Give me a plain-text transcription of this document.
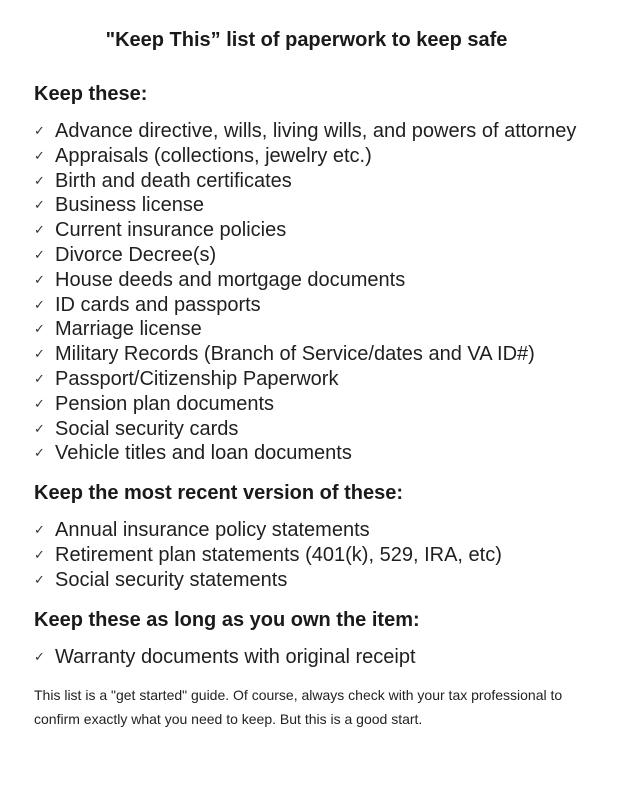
"Keep This” list of paperwork to keep safe
Keep these:
✓ Advance directive, wills, living wills, and powers of attorney
✓ Appraisals (collections, jewelry etc.)
✓ Birth and death certificates
✓ Business license
✓ Current insurance policies
✓ Divorce Decree(s)
✓ House deeds and mortgage documents
✓ ID cards and passports
✓ Marriage license
✓ Military Records (Branch of Service/dates and VA ID#)
✓ Passport/Citizenship Paperwork
✓ Pension plan documents
✓ Social security cards
✓ Vehicle titles and loan documents
Keep the most recent version of these:
✓ Annual insurance policy statements
✓ Retirement plan statements (401(k), 529, IRA, etc)
✓ Social security statements
Keep these as long as you own the item:
✓ Warranty documents with original receipt

This list is a "get started" guide. Of course, always check with your tax professional to confirm exactly what you need to keep. But this is a good start.
